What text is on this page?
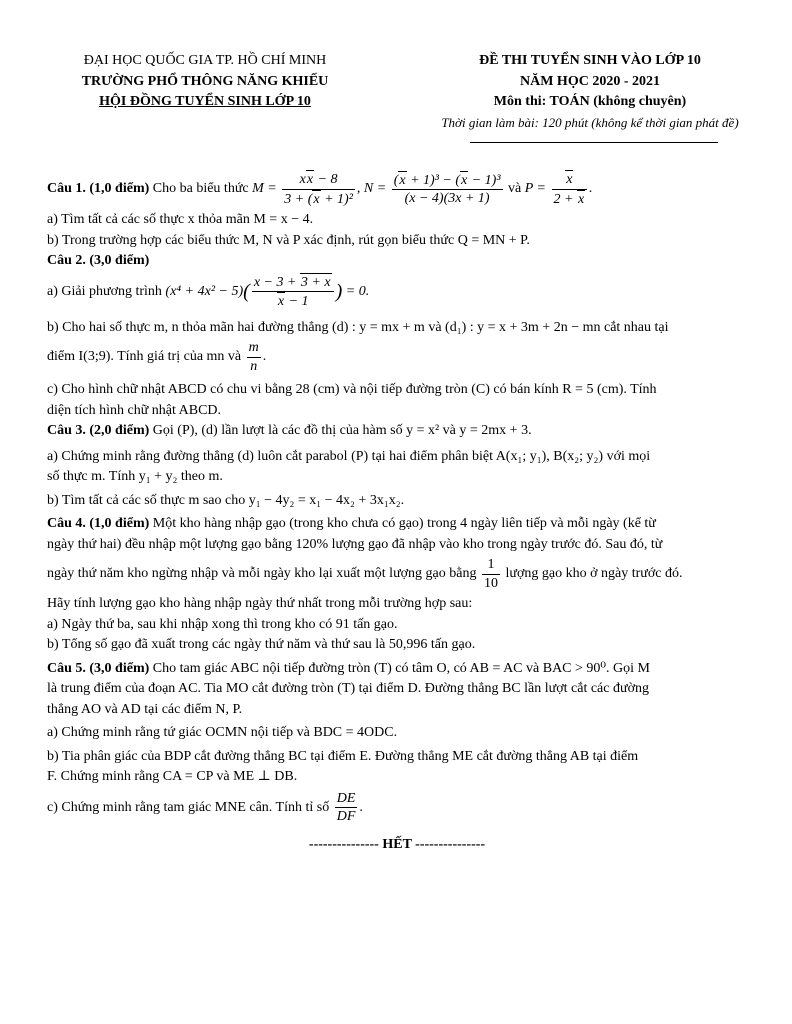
ĐẠI HỌC QUỐC GIA TP. HỒ CHÍ MINH
TRƯỜNG PHỔ THÔNG NĂNG KHIẾU
HỘI ĐỒNG TUYỂN SINH LỚP 10
ĐỀ THI TUYỂN SINH VÀO LỚP 10
NĂM HỌC 2020 - 2021
Môn thi: TOÁN (không chuyên)
Thời gian làm bài: 120 phút (không kể thời gian phát đề)
Câu 1. (1,0 điểm) Cho ba biểu thức $M = \frac{xx - 8}{\text{3 + (x + 1)²}}$ , $N = \frac{\text{(x + 1)³ − (x − 1)³}}{(x - 4)(3x + 1)}$ và $P = \frac{x}{2 + x}$ .
a) Tìm tất cả các số thực x thỏa mãn M = x − 4.
b) Trong trường hợp các biểu thức M, N và P xác định, rút gọn biểu thức Q = MN + P.
Câu 2. (3,0 điểm)
a) Giải phương trình $(x^4 + 4x^2 - 5)( \frac{x - 3 + 3 + x}{x - 1}$ ) = 0.
b) Cho hai số thực m, n thỏa mãn hai đường thẳng (d) : y = mx + m và (d₁) : y = x + 3m + 2n − mn cắt nhau tại
điểm I(3;9). Tính giá trị của mn và $\frac{m}{n}$ .
c) Cho hình chữ nhật ABCD có chu vi bằng 28 (cm) và nội tiếp đường tròn (C) có bán kính R = 5 (cm). Tính
diện tích hình chữ nhật ABCD.
Câu 3. (2,0 điểm) Gọi (P), (d) lần lượt là các đồ thị của hàm số y = x² và y = 2mx + 3.
a) Chứng minh rằng đường thẳng (d) luôn cắt parabol (P) tại hai điểm phân biệt A(x₁; y₁), B(x₂; y₂) với mọi
số thực m. Tính y₁ + y₂ theo m.
b) Tìm tất cả các số thực m sao cho y₁ − 4y₂ = x₁ − 4x₂ + 3x₁x₂.
Câu 4. (1,0 điểm) Một kho hàng nhập gạo (trong kho chưa có gạo) trong 4 ngày liên tiếp và mỗi ngày (kể từ
ngày thứ hai) đều nhập một lượng gạo bằng 120% lượng gạo đã nhập vào kho trong ngày trước đó. Sau đó, từ
ngày thứ năm kho ngừng nhập và mỗi ngày kho lại xuất một lượng gạo bằng $\frac{1}{10}$ lượng gạo kho ở ngày trước đó.
Hãy tính lượng gạo kho hàng nhập ngày thứ nhất trong mỗi trường hợp sau:
a) Ngày thứ ba, sau khi nhập xong thì trong kho có 91 tấn gạo.
b) Tổng số gạo đã xuất trong các ngày thứ năm và thứ sau là 50,996 tấn gạo.
Câu 5. (3,0 điểm) Cho tam giác ABC nội tiếp đường tròn (T) có tâm O, có AB = AC và BAC > 90⁰. Gọi M
là trung điểm của đoạn AC. Tia MO cắt đường tròn (T) tại điểm D. Đường thẳng BC lần lượt cắt các đường
thẳng AO và AD tại các điểm N, P.
a) Chứng minh rằng tứ giác OCMN nội tiếp và BDC = 4ODC.
b) Tia phân giác của BDP cắt đường thẳng BC tại điểm E. Đường thẳng ME cắt đường thẳng AB tại điểm
F. Chứng minh rằng CA = CP và ME ⊥ DB.
c) Chứng minh rằng tam giác MNE cân. Tính tỉ số $\frac{DE}{DF}$ .
--------------- HẾT ---------------
